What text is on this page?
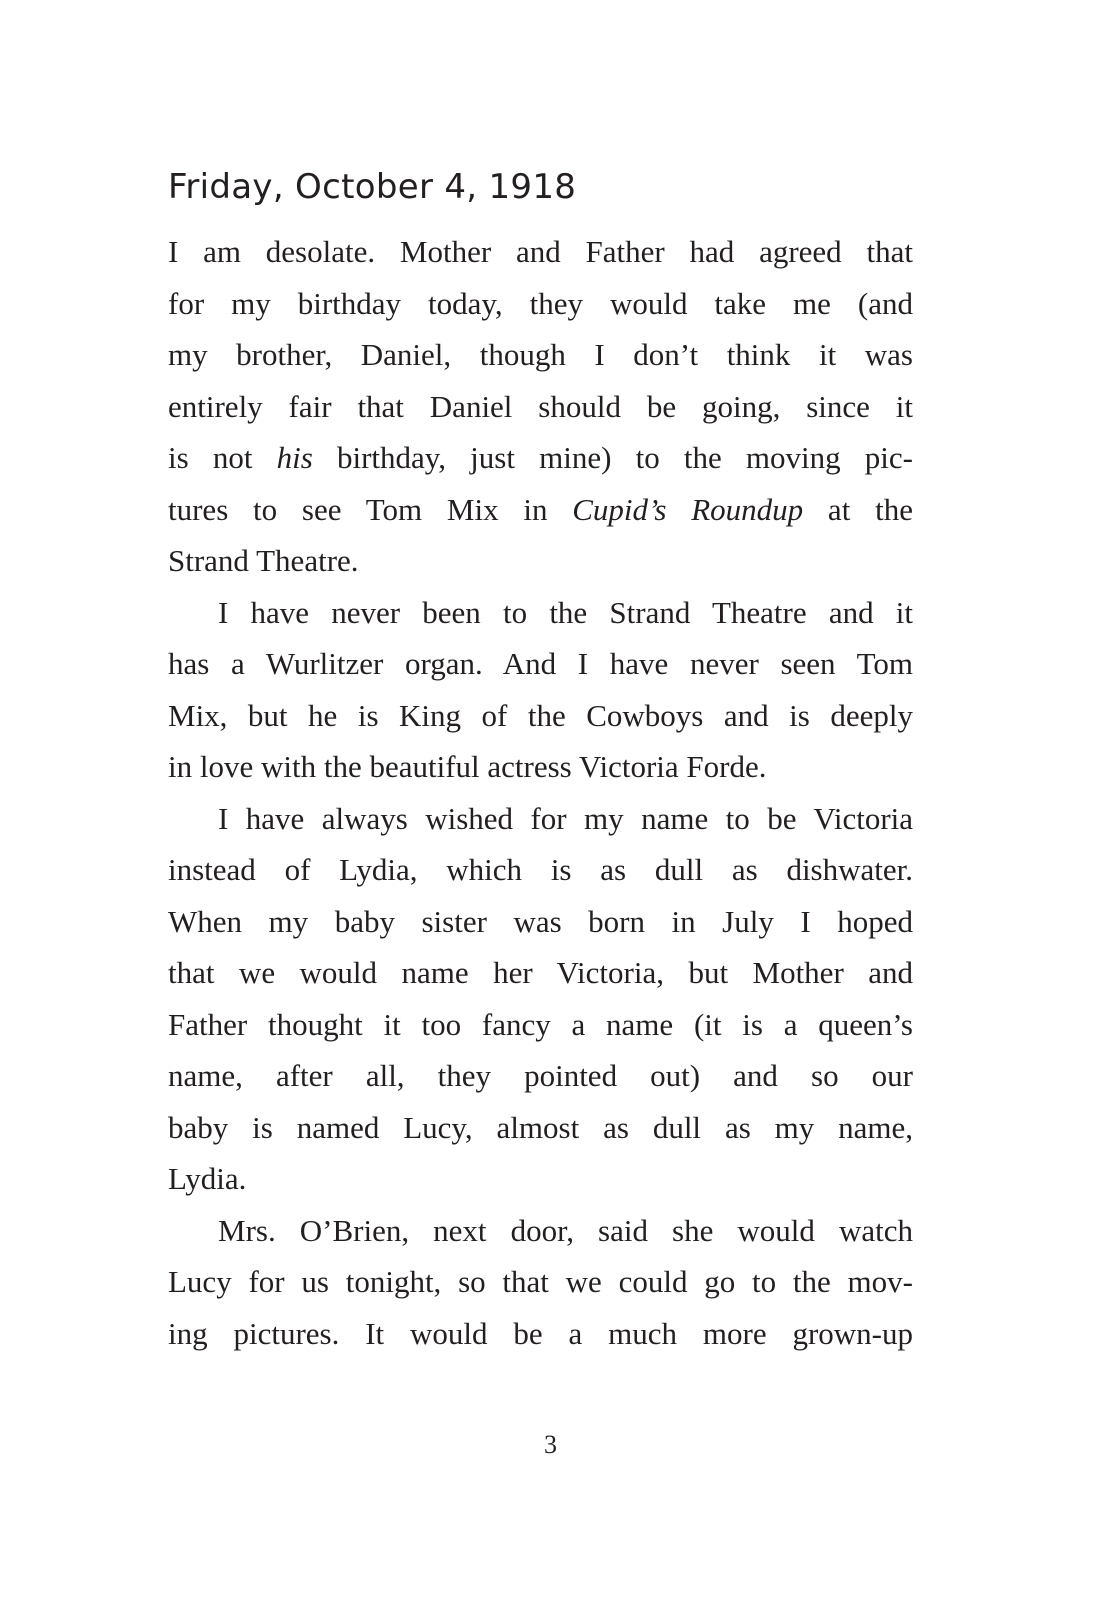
Friday, October 4, 1918
I am desolate. Mother and Father had agreed that
for my birthday today, they would take me (and
my brother, Daniel, though I don’t think it was
entirely fair that Daniel should be going, since it
is not his birthday, just mine) to the moving pic-
tures to see Tom Mix in Cupid’s Roundup at the
Strand Theatre.
I have never been to the Strand Theatre and it
has a Wurlitzer organ. And I have never seen Tom
Mix, but he is King of the Cowboys and is deeply
in love with the beautiful actress Victoria Forde.
I have always wished for my name to be Victoria
instead of Lydia, which is as dull as dishwater.
When my baby sister was born in July I hoped
that we would name her Victoria, but Mother and
Father thought it too fancy a name (it is a queen’s
name, after all, they pointed out) and so our
baby is named Lucy, almost as dull as my name,
Lydia.
Mrs. O’Brien, next door, said she would watch
Lucy for us tonight, so that we could go to the mov-
ing pictures. It would be a much more grown-up
3
